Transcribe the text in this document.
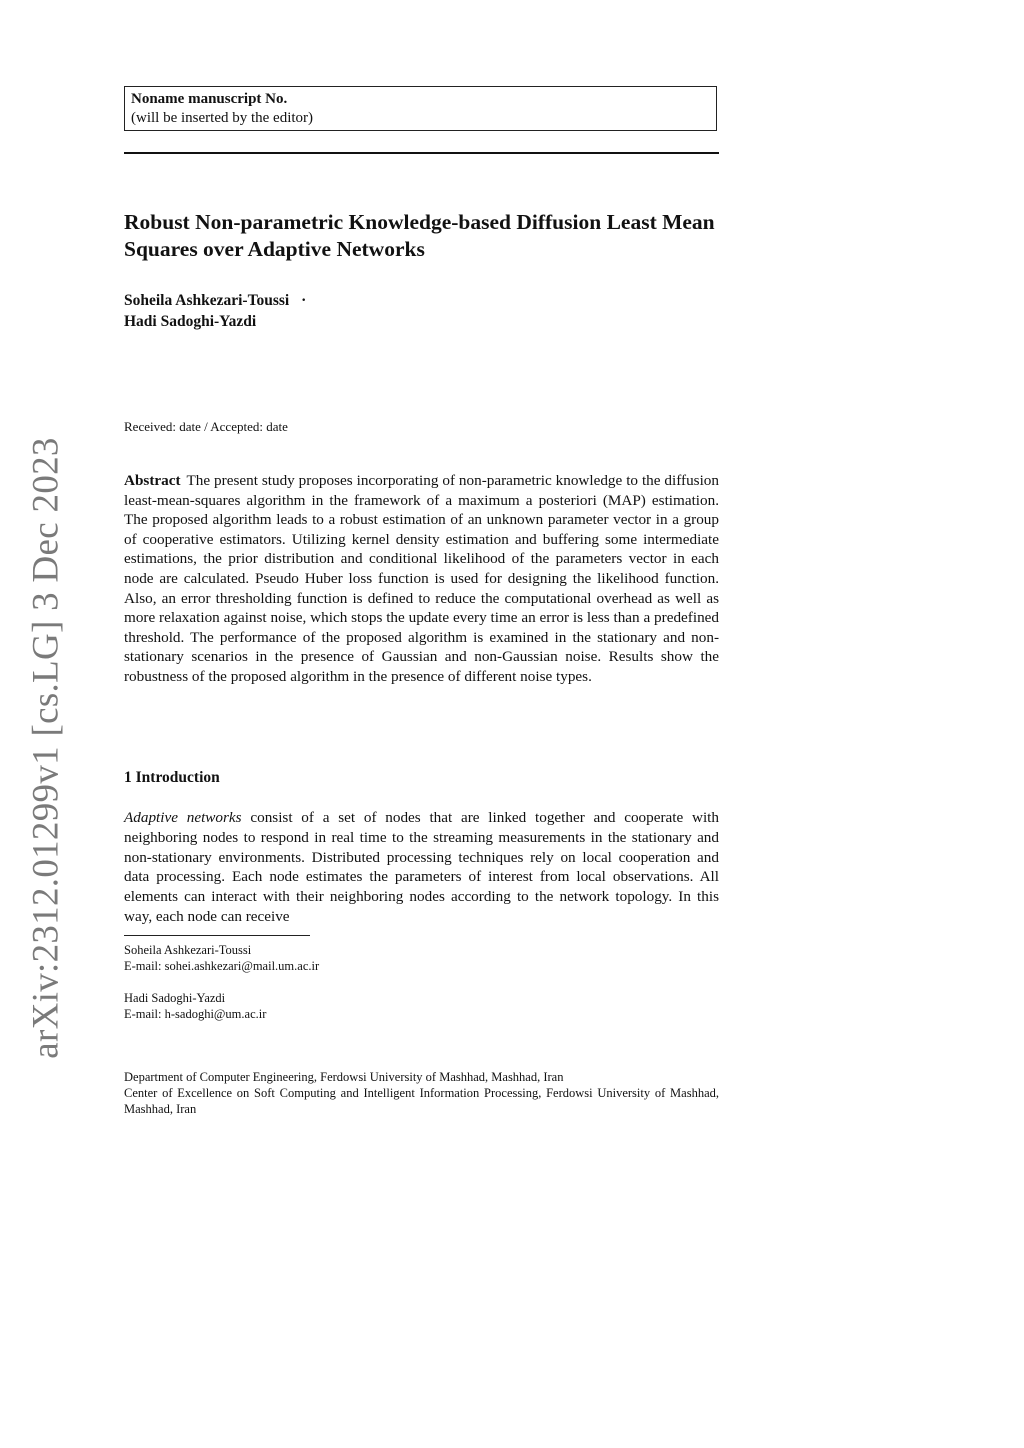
arXiv:2312.01299v1 [cs.LG] 3 Dec 2023
Noname manuscript No.
(will be inserted by the editor)
Robust Non-parametric Knowledge-based Diffusion Least Mean Squares over Adaptive Networks
Soheila Ashkezari-Toussi ·
Hadi Sadoghi-Yazdi
Received: date / Accepted: date

Abstract The present study proposes incorporating of non-parametric knowledge to the diffusion least-mean-squares algorithm in the framework of a maximum a posteriori (MAP) estimation. The proposed algorithm leads to a robust estimation of an unknown parameter vector in a group of cooperative estimators. Utilizing kernel density estimation and buffering some intermediate estimations, the prior distribution and conditional likelihood of the parameters vector in each node are calculated. Pseudo Huber loss function is used for designing the likelihood function. Also, an error thresholding function is defined to reduce the computational overhead as well as more relaxation against noise, which stops the update every time an error is less than a predefined threshold. The performance of the proposed algorithm is examined in the stationary and non-stationary scenarios in the presence of Gaussian and non-Gaussian noise. Results show the robustness of the proposed algorithm in the presence of different noise types.

1 Introduction

Adaptive networks consist of a set of nodes that are linked together and cooperate with neighboring nodes to respond in real time to the streaming measurements in the stationary and non-stationary environments. Distributed processing techniques rely on local cooperation and data processing. Each node estimates the parameters of interest from local observations. All elements can interact with their neighboring nodes according to the network topology. In this way, each node can receive

Soheila Ashkezari-Toussi
E-mail: sohei.ashkezari@mail.um.ac.ir
Hadi Sadoghi-Yazdi
E-mail: h-sadoghi@um.ac.ir
Department of Computer Engineering, Ferdowsi University of Mashhad, Mashhad, Iran
Center of Excellence on Soft Computing and Intelligent Information Processing, Ferdowsi University of Mashhad, Mashhad, Iran
